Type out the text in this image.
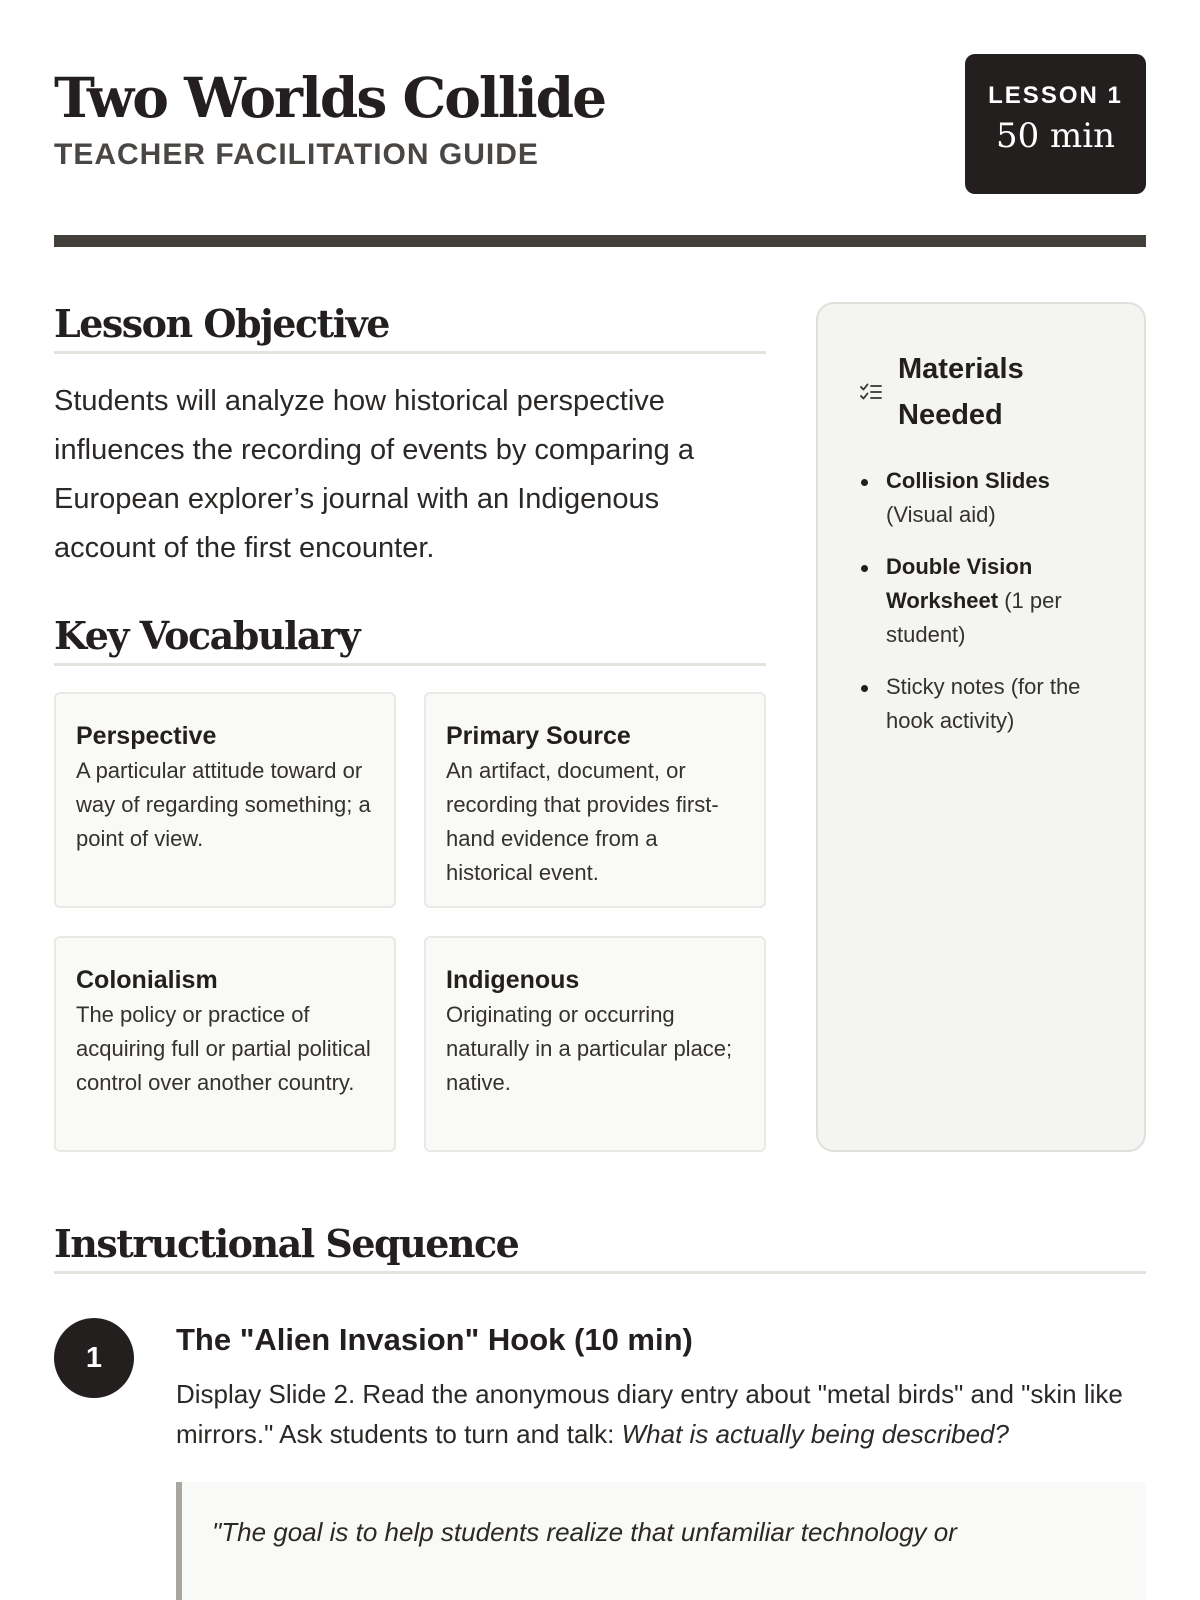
Two Worlds Collide
TEACHER FACILITATION GUIDE
LESSON 1
50 min
Lesson Objective

Students will analyze how historical perspective influences the recording of events by comparing a European explorer’s journal with an Indigenous account of the first encounter.

Key Vocabulary
Perspective
A particular attitude toward or way of regarding something; a point of view.
Primary Source
An artifact, document, or recording that provides first-hand evidence from a historical event.
Colonialism
The policy or practice of acquiring full or partial political control over another country.
Indigenous
Originating or occurring naturally in a particular place; native.
Materials Needed
Collision Slides (Visual aid)
Double Vision Worksheet (1 per student)
Sticky notes (for the hook activity)
Instructional Sequence
1
The "Alien Invasion" Hook (10 min)

Display Slide 2. Read the anonymous diary entry about "metal birds" and "skin like mirrors." Ask students to turn and talk: What is actually being described?

"The goal is to help students realize that unfamiliar technology or
